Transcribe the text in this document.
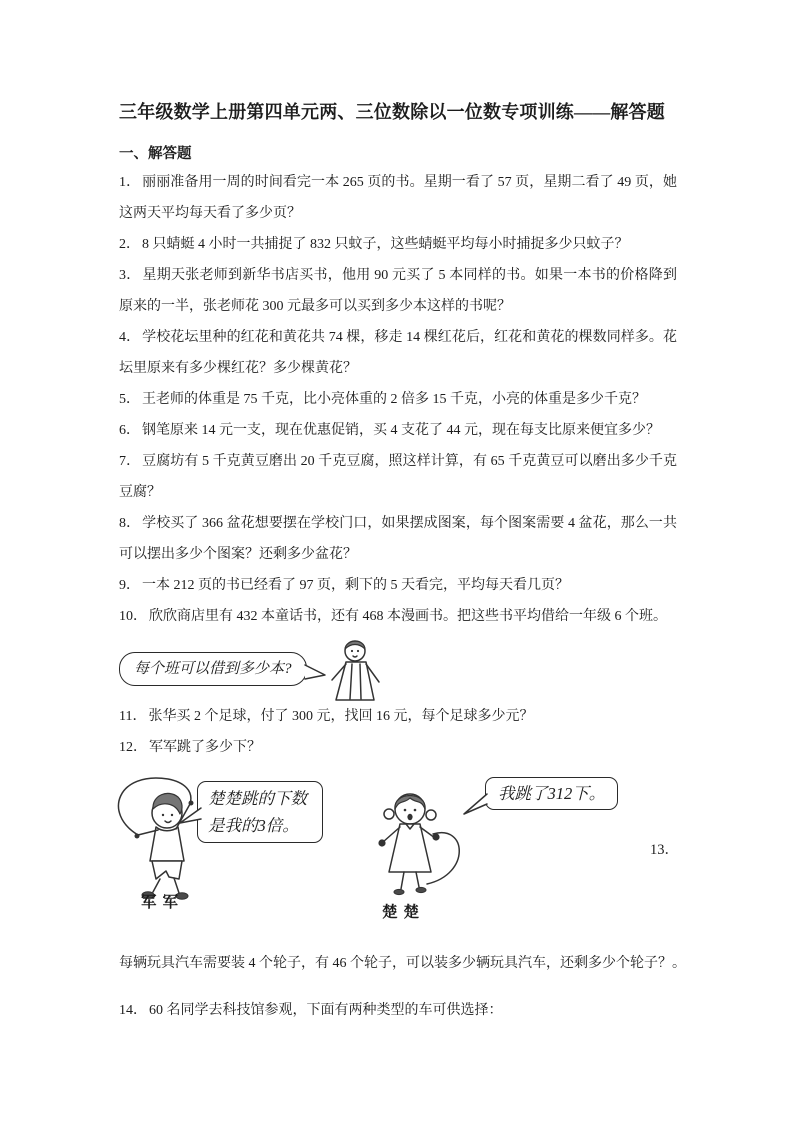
三年级数学上册第四单元两、三位数除以一位数专项训练——解答题
一、解答题

1． 丽丽准备用一周的时间看完一本 265 页的书。星期一看了 57 页，星期二看了 49 页，她这两天平均每天看了多少页？

2． 8 只蜻蜓 4 小时一共捕捉了 832 只蚊子，这些蜻蜓平均每小时捕捉多少只蚊子？

3． 星期天张老师到新华书店买书，他用 90 元买了 5 本同样的书。如果一本书的价格降到原来的一半，张老师花 300 元最多可以买到多少本这样的书呢？

4． 学校花坛里种的红花和黄花共 74 棵，移走 14 棵红花后，红花和黄花的棵数同样多。花坛里原来有多少棵红花？多少棵黄花？

5． 王老师的体重是 75 千克，比小亮体重的 2 倍多 15 千克，小亮的体重是多少千克？

6． 钢笔原来 14 元一支，现在优惠促销，买 4 支花了 44 元，现在每支比原来便宜多少？

7． 豆腐坊有 5 千克黄豆磨出 20 千克豆腐，照这样计算，有 65 千克黄豆可以磨出多少千克豆腐？

8． 学校买了 366 盆花想要摆在学校门口，如果摆成图案，每个图案需要 4 盆花，那么一共可以摆出多少个图案？还剩多少盆花？

9． 一本 212 页的书已经看了 97 页，剩下的 5 天看完，平均每天看几页？

10． 欣欣商店里有 432 本童话书，还有 468 本漫画书。把这些书平均借给一年级 6 个班。

每个班可以借到多少本?

11． 张华买 2 个足球，付了 300 元，找回 16 元，每个足球多少元？

12． 军军跳了多少下？

军军
楚楚跳的下数
是我的3倍。
楚楚
我跳了312下。
13．
每辆玩具汽车需要装 4 个轮子，有 46 个轮子，可以装多少辆玩具汽车，还剩多少个轮子？。

14． 60 名同学去科技馆参观，下面有两种类型的车可供选择：
